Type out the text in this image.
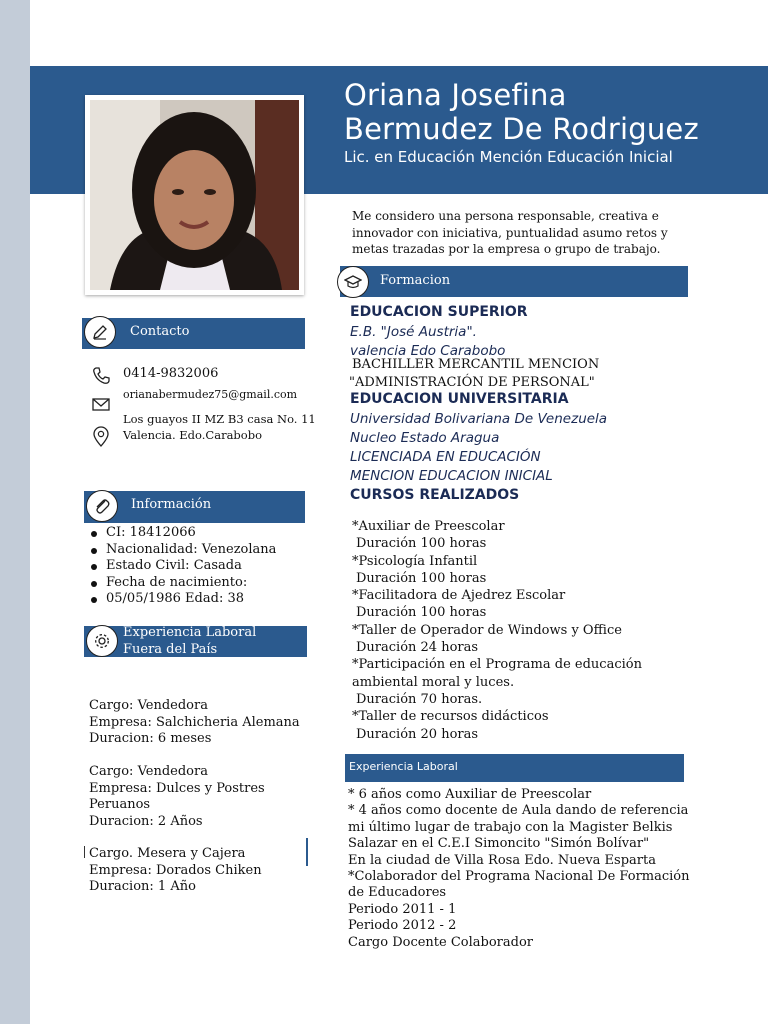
Oriana Josefina
Bermudez De Rodriguez
Lic. en Educación Mención Educación Inicial
Me considero una persona responsable, creativa e innovador con iniciativa, puntualidad asumo retos y metas trazadas por la empresa o grupo de trabajo.
Contacto
0414-9832006
orianabermudez75@gmail.com
Los guayos II MZ B3 casa No. 11
Valencia. Edo.Carabobo
Información
CI: 18412066
Nacionalidad: Venezolana
Estado Civil: Casada
Fecha de nacimiento:
05/05/1986 Edad: 38
Experiencia Laboral
Fuera del País
Cargo: Vendedora
Empresa: Salchicheria Alemana
Duracion: 6 meses
Cargo: Vendedora
Empresa: Dulces y Postres
Peruanos
Duracion: 2 Años
Cargo. Mesera y Cajera
Empresa: Dorados Chiken
Duracion: 1 Año
Formacion
EDUCACION SUPERIOR
E.B. "José Austria".
valencia Edo Carabobo
BACHILLER MERCANTIL MENCION
"ADMINISTRACIÓN DE PERSONAL"
EDUCACION UNIVERSITARIA
Universidad Bolivariana De Venezuela
Nucleo Estado Aragua
LICENCIADA EN EDUCACIÓN
MENCION EDUCACION INICIAL
CURSOS REALIZADOS
*Auxiliar de Preescolar
Duración 100 horas
*Psicología Infantil
Duración 100 horas
*Facilitadora de Ajedrez Escolar
Duración 100 horas
*Taller de Operador de Windows y Office
Duración 24 horas
*Participación en el Programa de educación
ambiental moral y luces.
Duración 70 horas.
*Taller de recursos didácticos
Duración 20 horas
Experiencia Laboral
* 6 años como Auxiliar de Preescolar
* 4 años como docente de Aula dando de referencia
mi último lugar de trabajo con la Magister Belkis
Salazar en el C.E.I Simoncito "Simón Bolívar"
En la ciudad de Villa Rosa Edo. Nueva Esparta
*Colaborador del Programa Nacional De Formación
de Educadores
Periodo 2011 - 1
Periodo 2012 - 2
Cargo Docente Colaborador
